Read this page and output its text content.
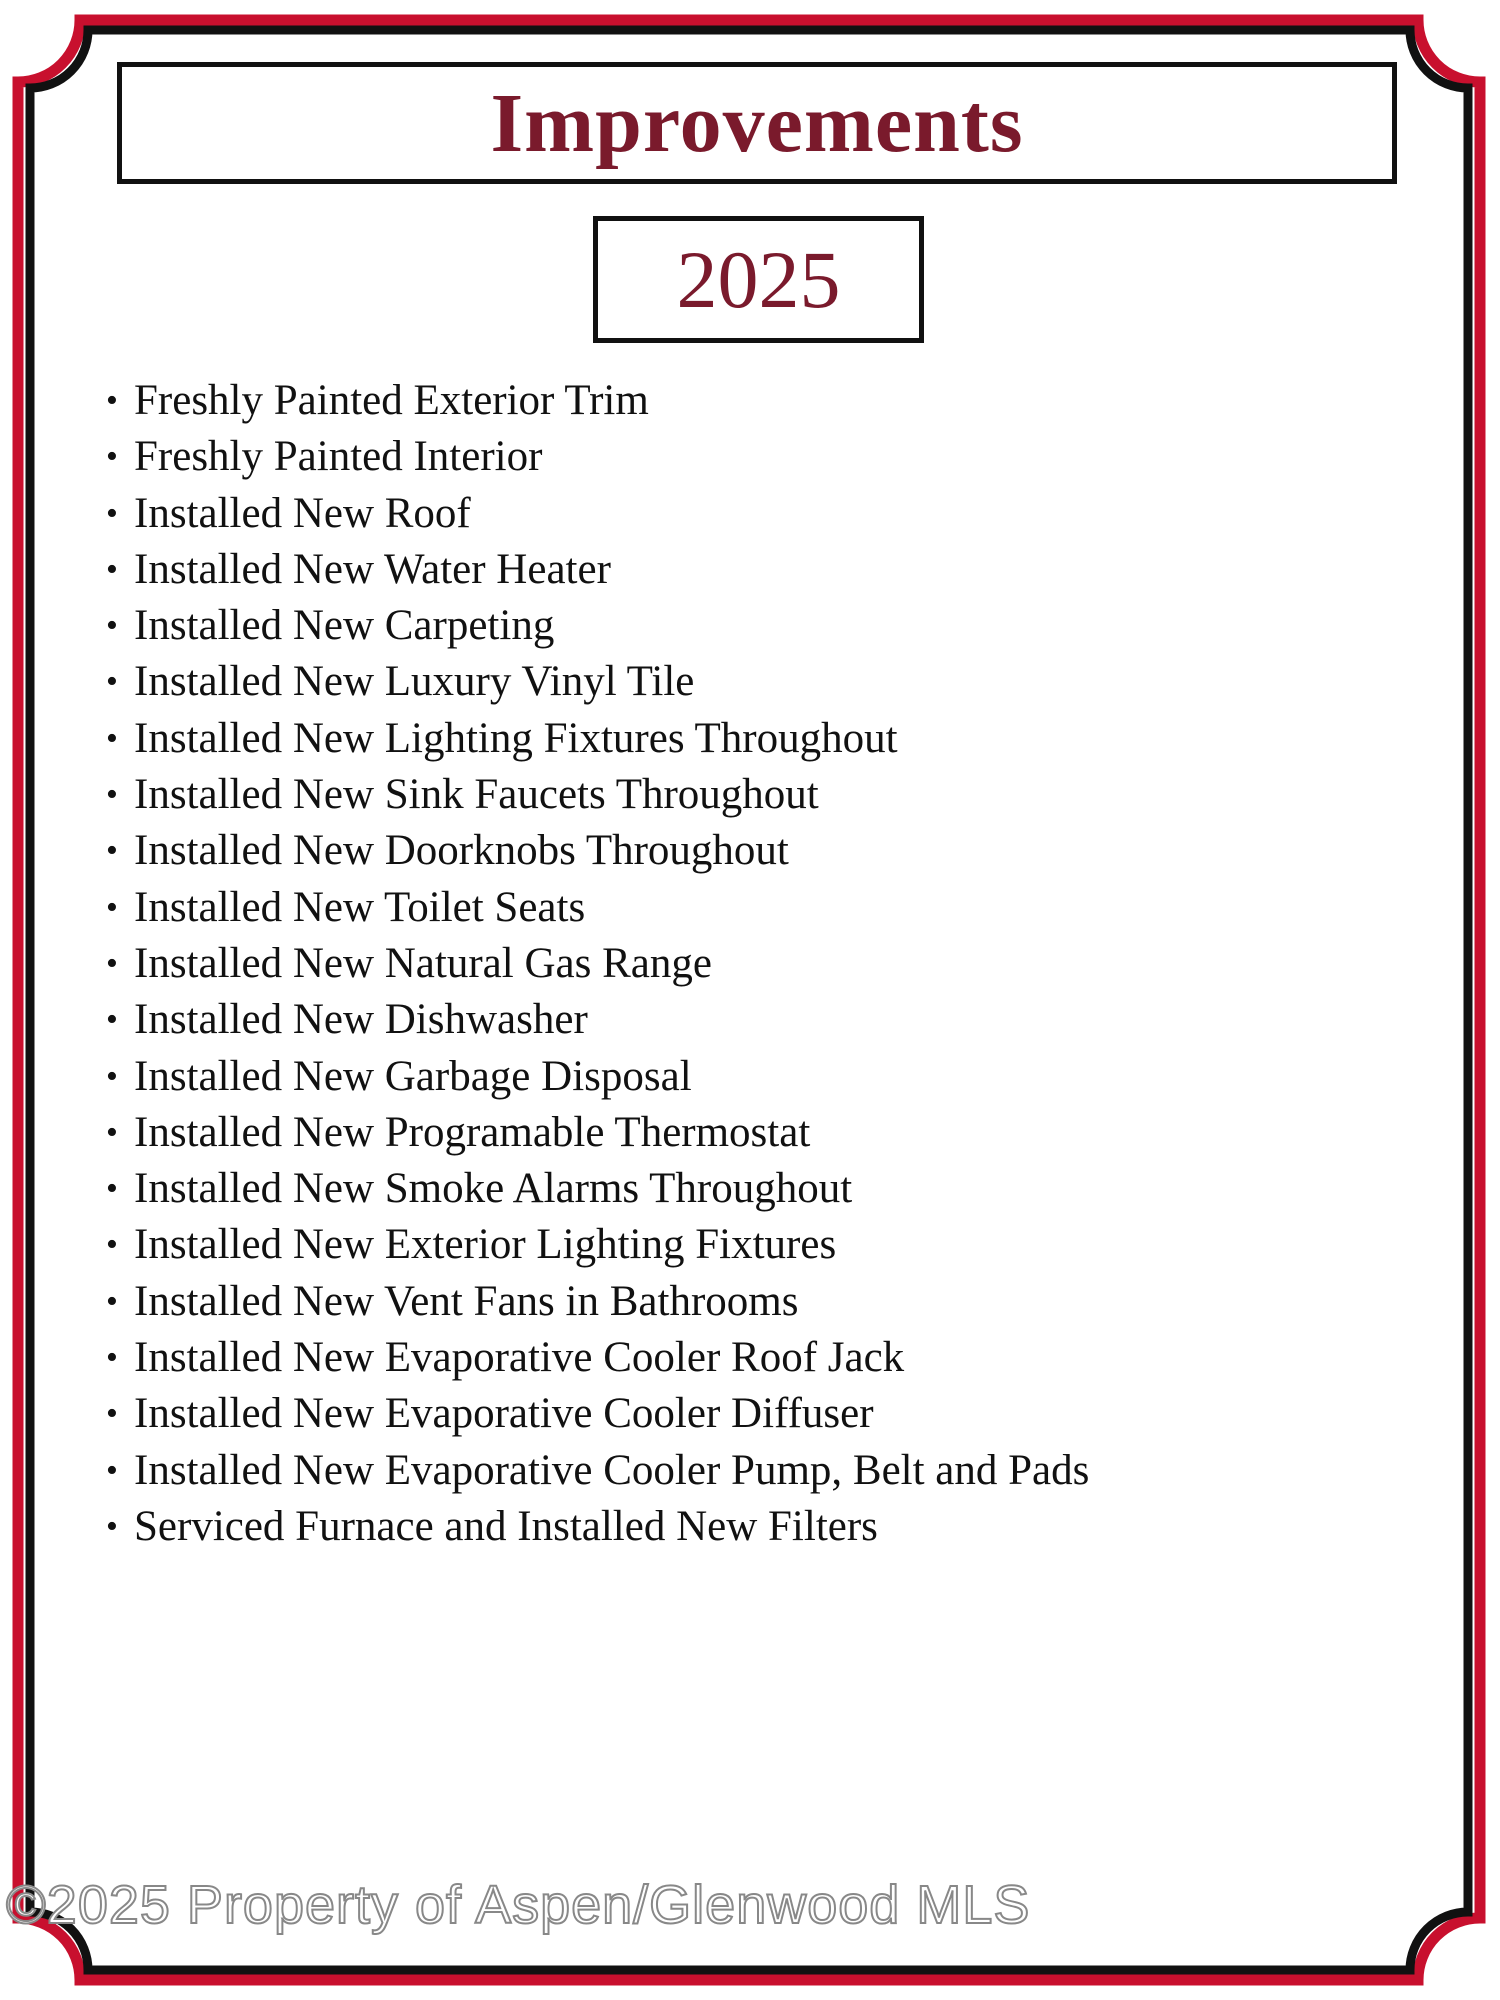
Improvements
2025
• Freshly Painted Exterior Trim
• Freshly Painted Interior
• Installed New Roof
• Installed New Water Heater
• Installed New Carpeting
• Installed New Luxury Vinyl Tile
• Installed New Lighting Fixtures Throughout
• Installed New Sink Faucets Throughout
• Installed New Doorknobs Throughout
• Installed New Toilet Seats
• Installed New Natural Gas Range
• Installed New Dishwasher
• Installed New Garbage Disposal
• Installed New Programable Thermostat
• Installed New Smoke Alarms Throughout
• Installed New Exterior Lighting Fixtures
• Installed New Vent Fans in Bathrooms
• Installed New Evaporative Cooler Roof Jack
• Installed New Evaporative Cooler Diffuser
• Installed New Evaporative Cooler Pump, Belt and Pads
• Serviced Furnace and Installed New Filters
©2025 Property of Aspen/Glenwood MLS
